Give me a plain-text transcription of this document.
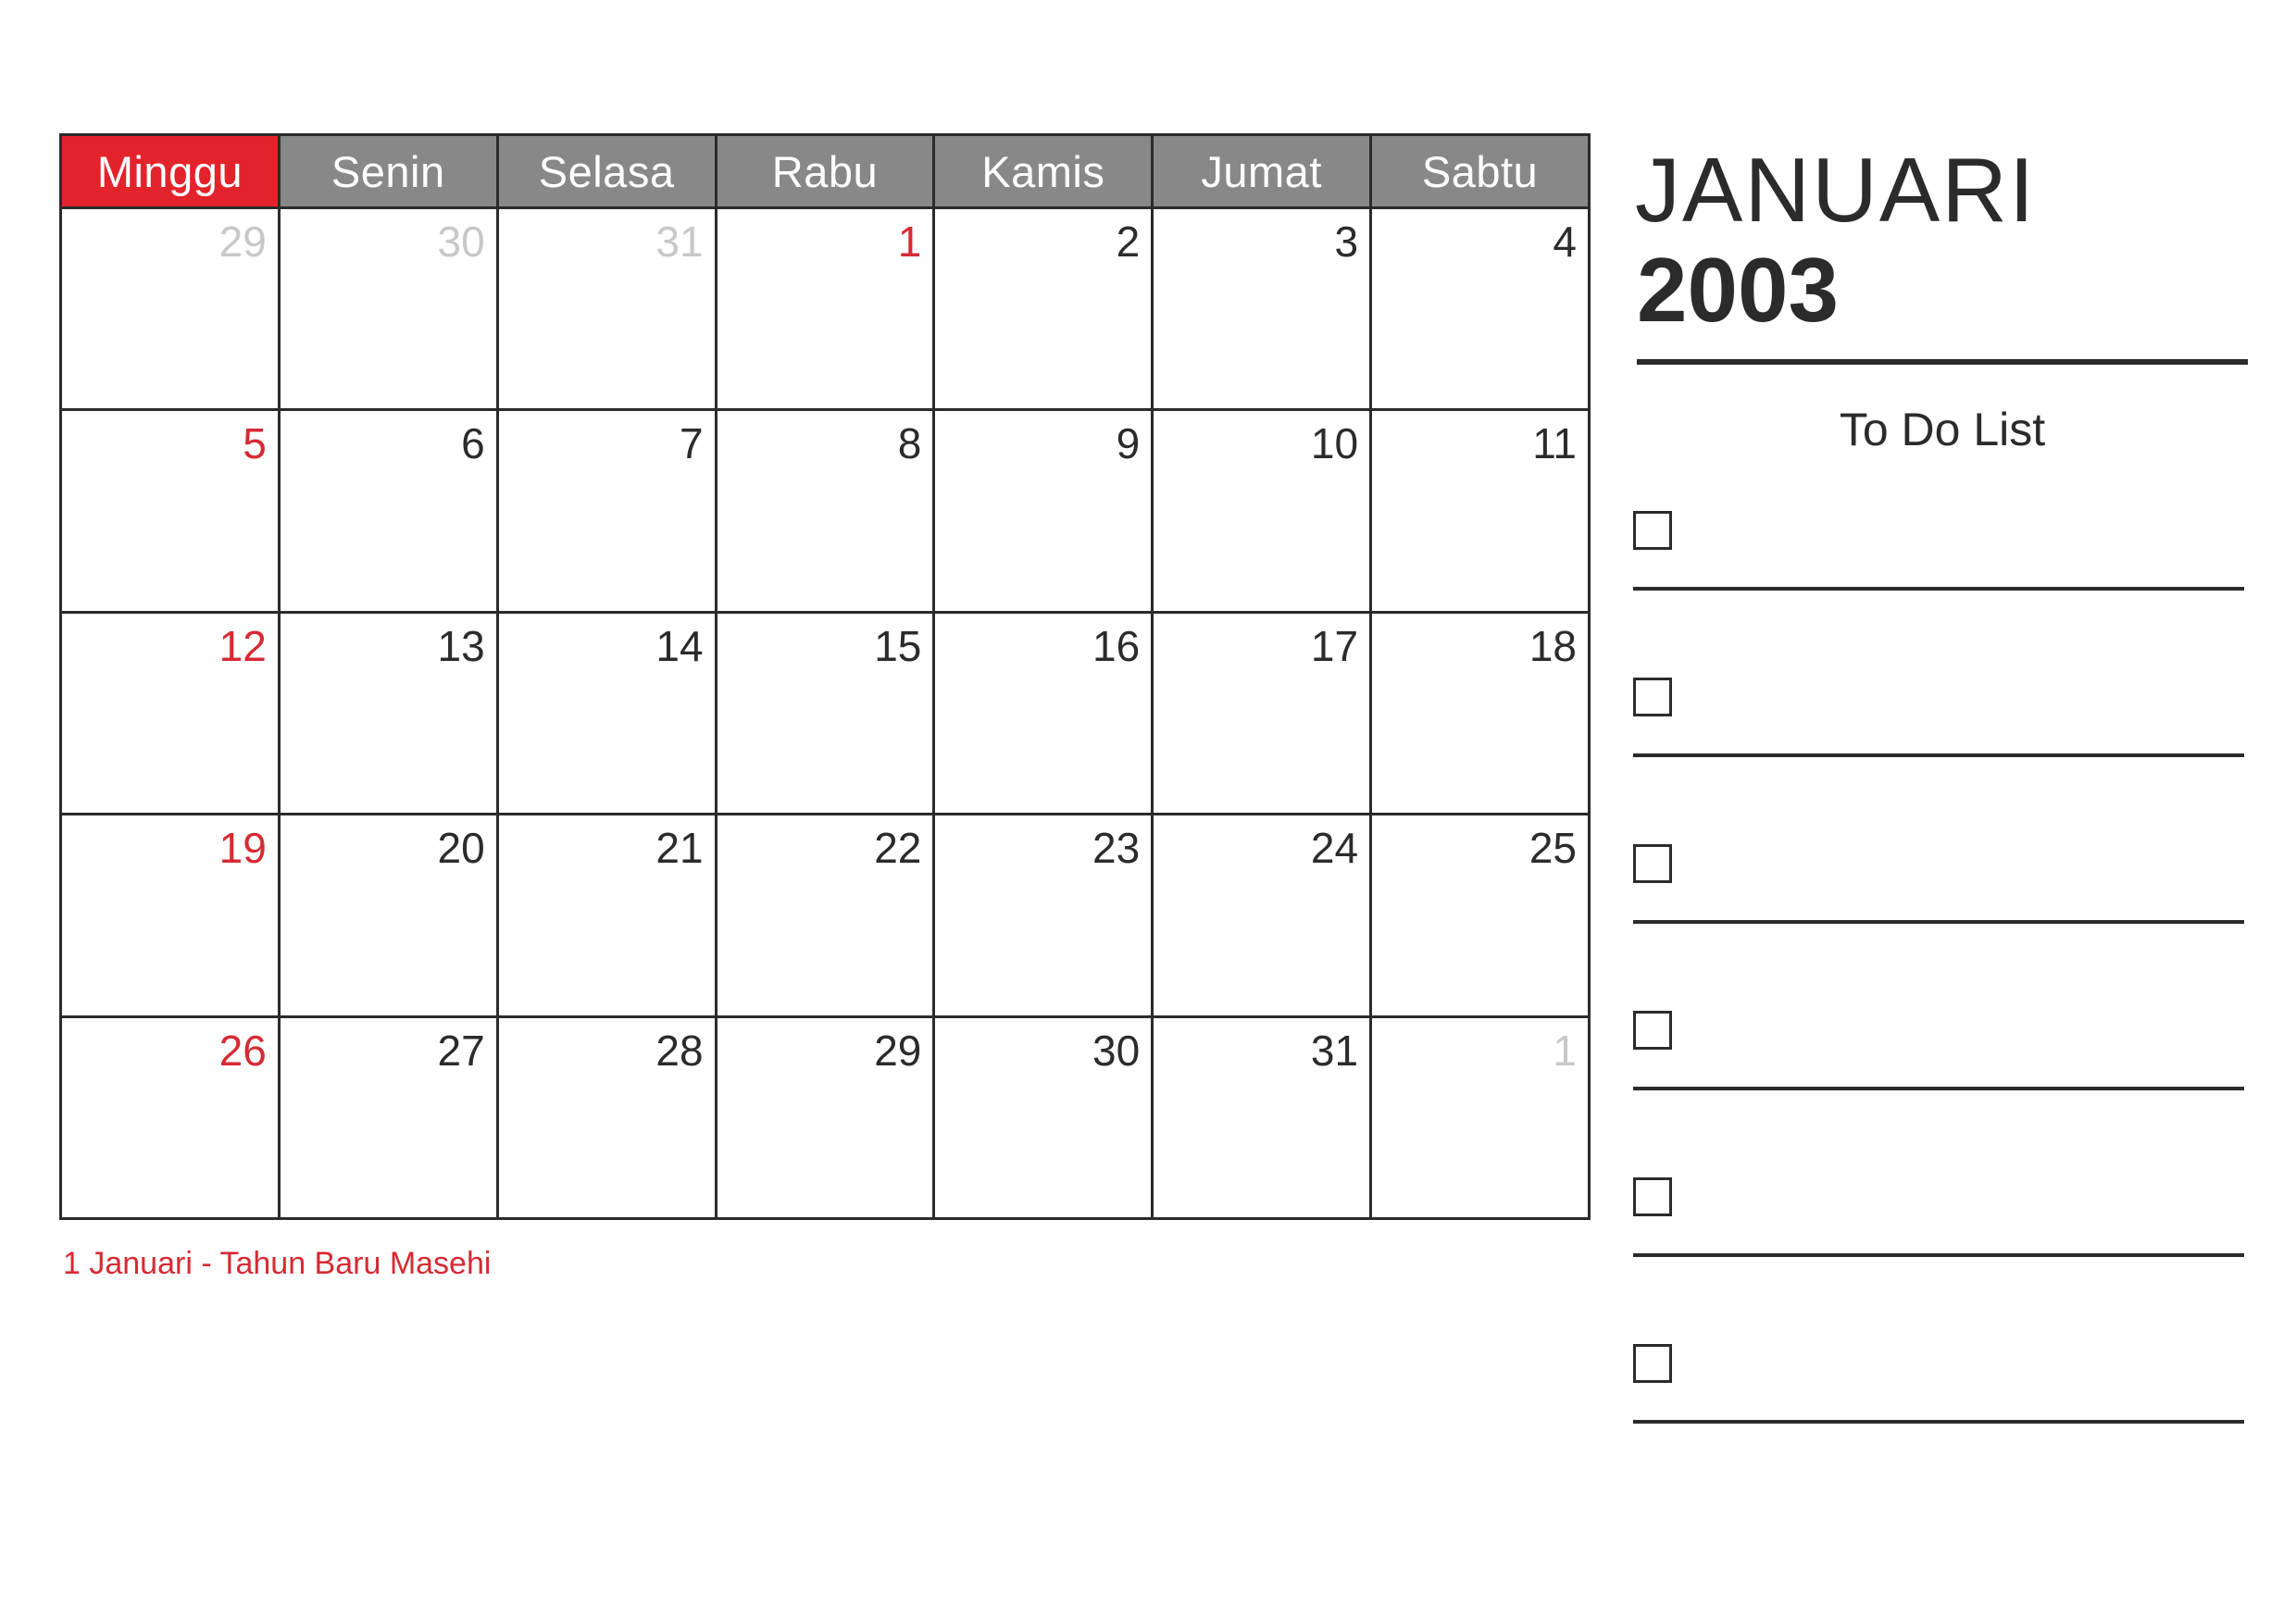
Minggu	Senin	Selasa	Rabu	Kamis	Jumat	Sabtu

29	30	31	1	2	3	4

5	6	7	8	9	10	11

12	13	14	15	16	17	18

19	20	21	22	23	24	25

26	27	28	29	30	31	1
1 Januari - Tahun Baru Masehi
JANUARI
2003
To Do List
